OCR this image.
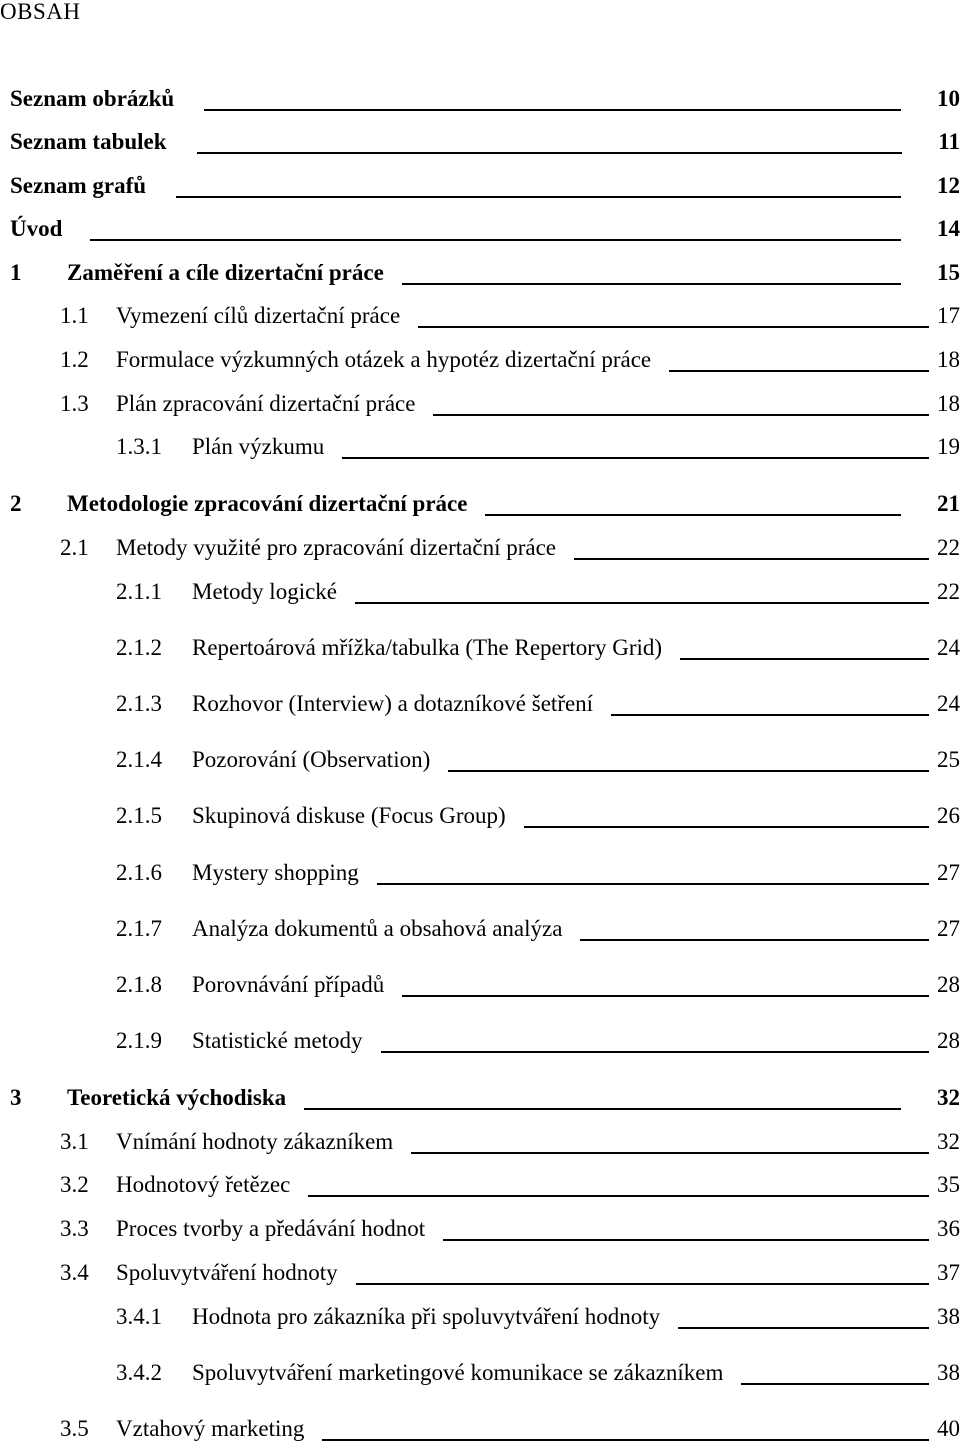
OBSAH
Seznam obrázků	10
Seznam tabulek	11
Seznam grafů	12
Úvod	14
1 Zaměření a cíle dizertační práce	15
1.1 Vymezení cílů dizertační práce	17
1.2 Formulace výzkumných otázek a hypotéz dizertační práce	18
1.3 Plán zpracování dizertační práce	18
1.3.1 Plán výzkumu	19
2 Metodologie zpracování dizertační práce	21
2.1 Metody využité pro zpracování dizertační práce	22
2.1.1 Metody logické	22
2.1.2 Repertoárová mřížka/tabulka (The Repertory Grid)	24
2.1.3 Rozhovor (Interview) a dotazníkové šetření	24
2.1.4 Pozorování (Observation)	25
2.1.5 Skupinová diskuse (Focus Group)	26
2.1.6 Mystery shopping	27
2.1.7 Analýza dokumentů a obsahová analýza	27
2.1.8 Porovnávání případů	28
2.1.9 Statistické metody	28
3 Teoretická východiska	32
3.1 Vnímání hodnoty zákazníkem	32
3.2 Hodnotový řetězec	35
3.3 Proces tvorby a předávání hodnot	36
3.4 Spoluvytváření hodnoty	37
3.4.1 Hodnota pro zákazníka při spoluvytváření hodnoty	38
3.4.2 Spoluvytváření marketingové komunikace se zákazníkem	38
3.5 Vztahový marketing	40
